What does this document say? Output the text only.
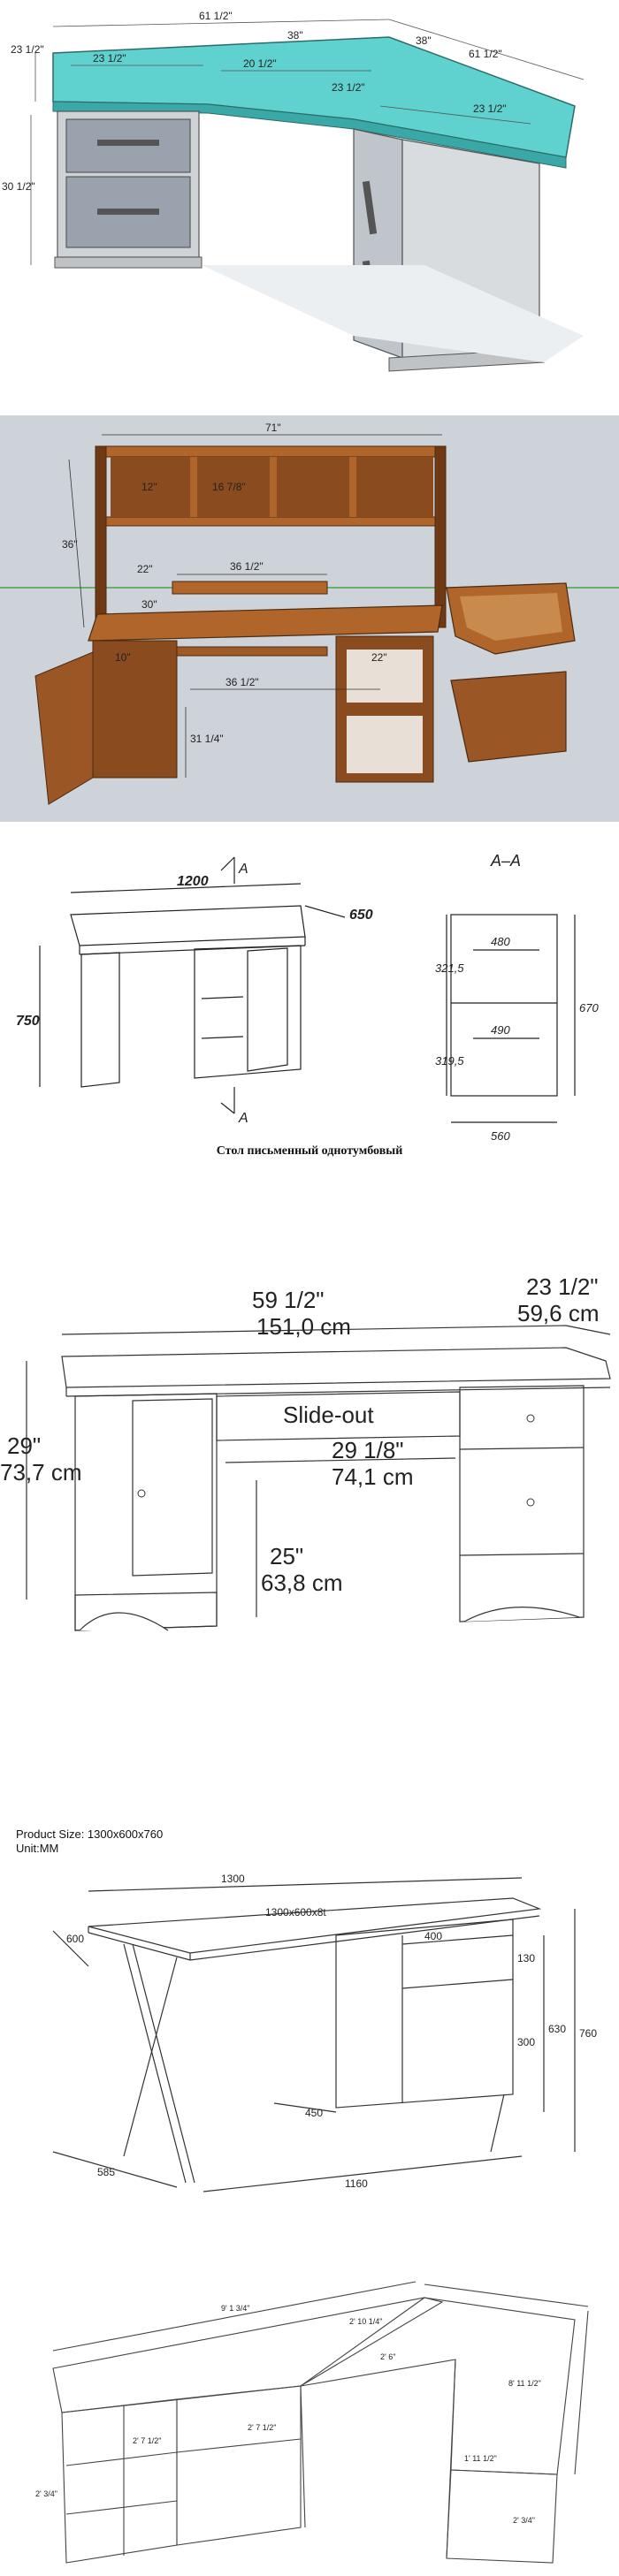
23 1/2"
61 1/2"
38"	38"
61 1/2"
23 1/2"	20 1/2"
23 1/2"
23 1/2"
30 1/2"
71"
12"	16 7/8"
36"
22"	36 1/2"
30"
10"
36 1/2"
22"
31 1/4"
1200
650
750
A
A
A–A
321,5
480
670
319,5
490
560
Стол письменный однотумбовый
59 1/2"
151,0 cm
23 1/2"
59,6 cm
29"
73,7 cm
Slide-out
29 1/8"
74,1 cm
25"
63,8 cm
Product Size: 1300x600x760
Unit:MM
1300
600
1300x600x8t
400
130
300
630 760
450
585
1160
9' 1 3/4"
2' 10 1/4"
8' 11 1/2"
2' 7 1/2"
2' 7 1/2"
2' 6"
1' 11 1/2"
2' 3/4"
2' 3/4"
